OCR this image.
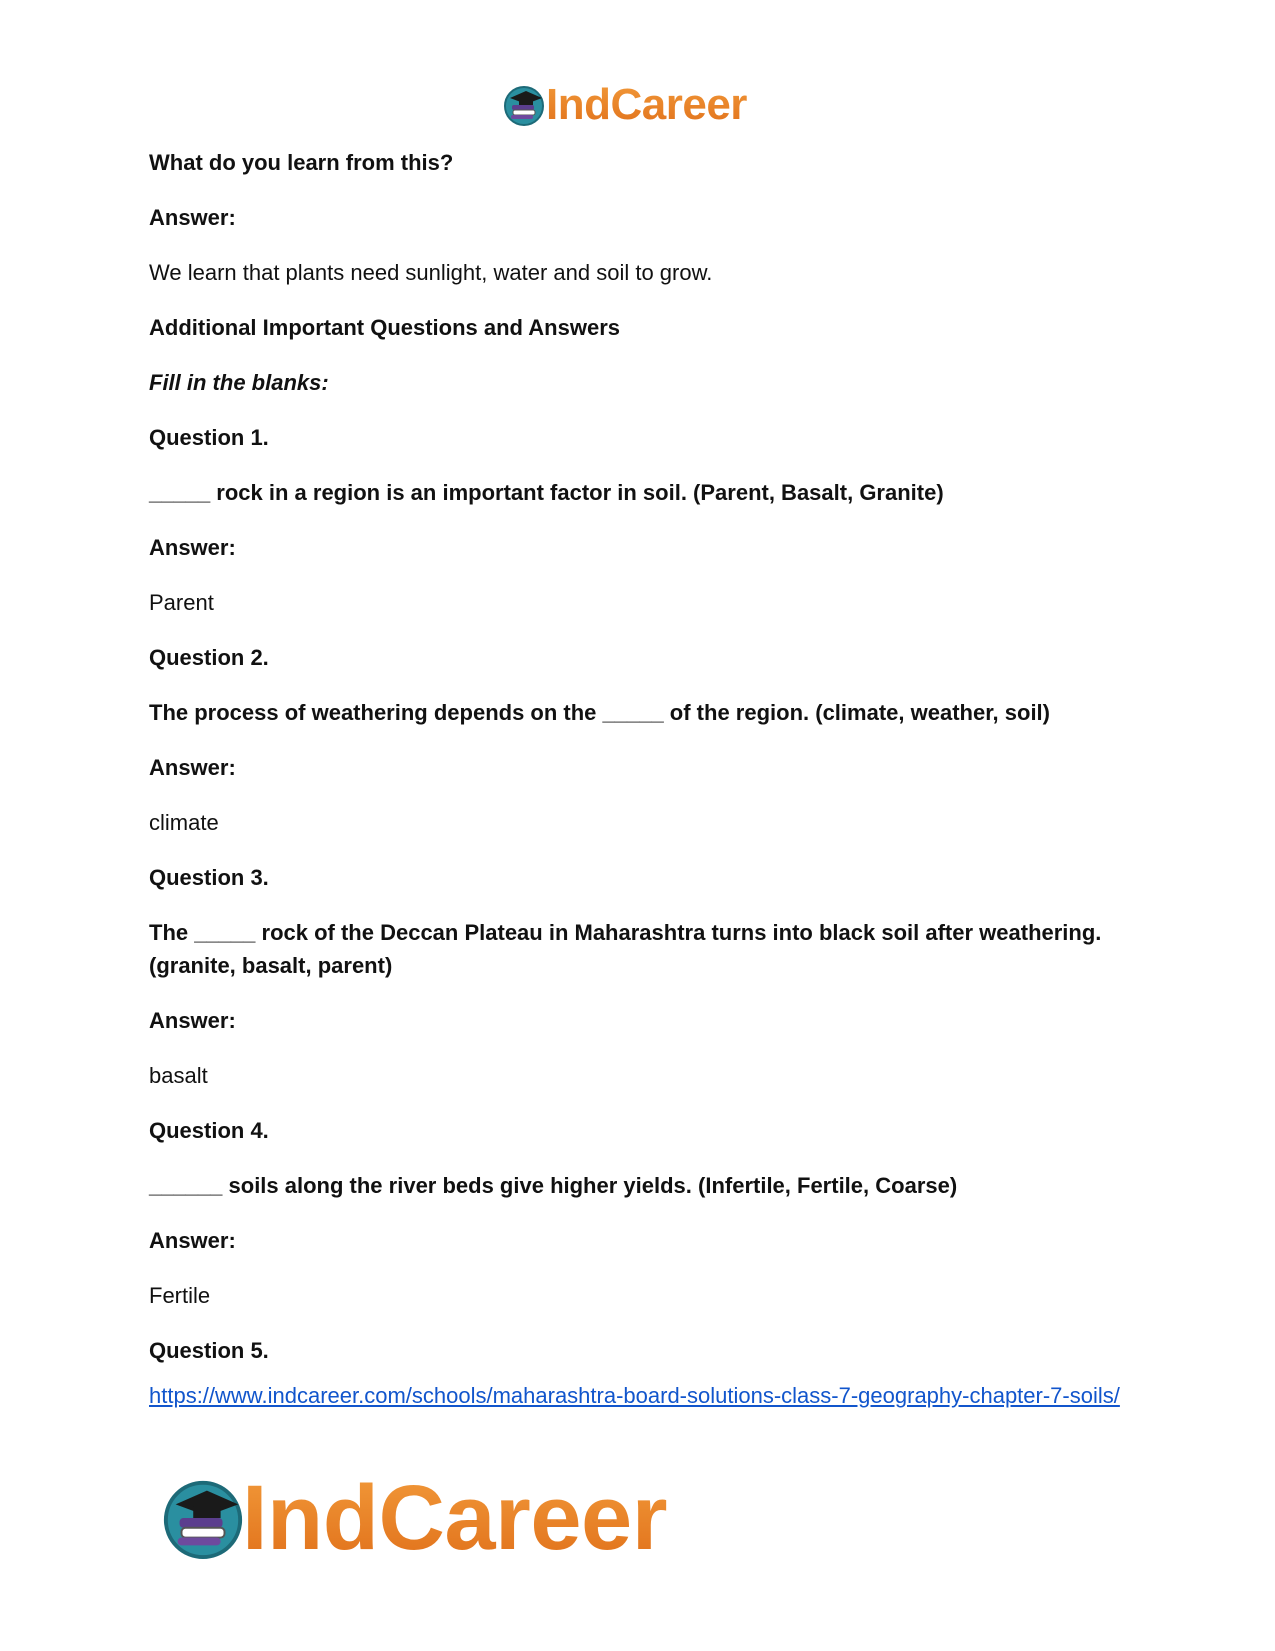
IndCareer

What do you learn from this?

Answer:

We learn that plants need sunlight, water and soil to grow.

Additional Important Questions and Answers

Fill in the blanks:

Question 1.

_____ rock in a region is an important factor in soil. (Parent, Basalt, Granite)

Answer:

Parent

Question 2.

The process of weathering depends on the _____ of the region. (climate, weather, soil)

Answer:

climate

Question 3.

The _____ rock of the Deccan Plateau in Maharashtra turns into black soil after weathering. (granite, basalt, parent)

Answer:

basalt

Question 4.

______ soils along the river beds give higher yields. (Infertile, Fertile, Coarse)

Answer:

Fertile

Question 5.

https://www.indcareer.com/schools/maharashtra-board-solutions-class-7-geography-chapter-7-soils/
IndCareer
